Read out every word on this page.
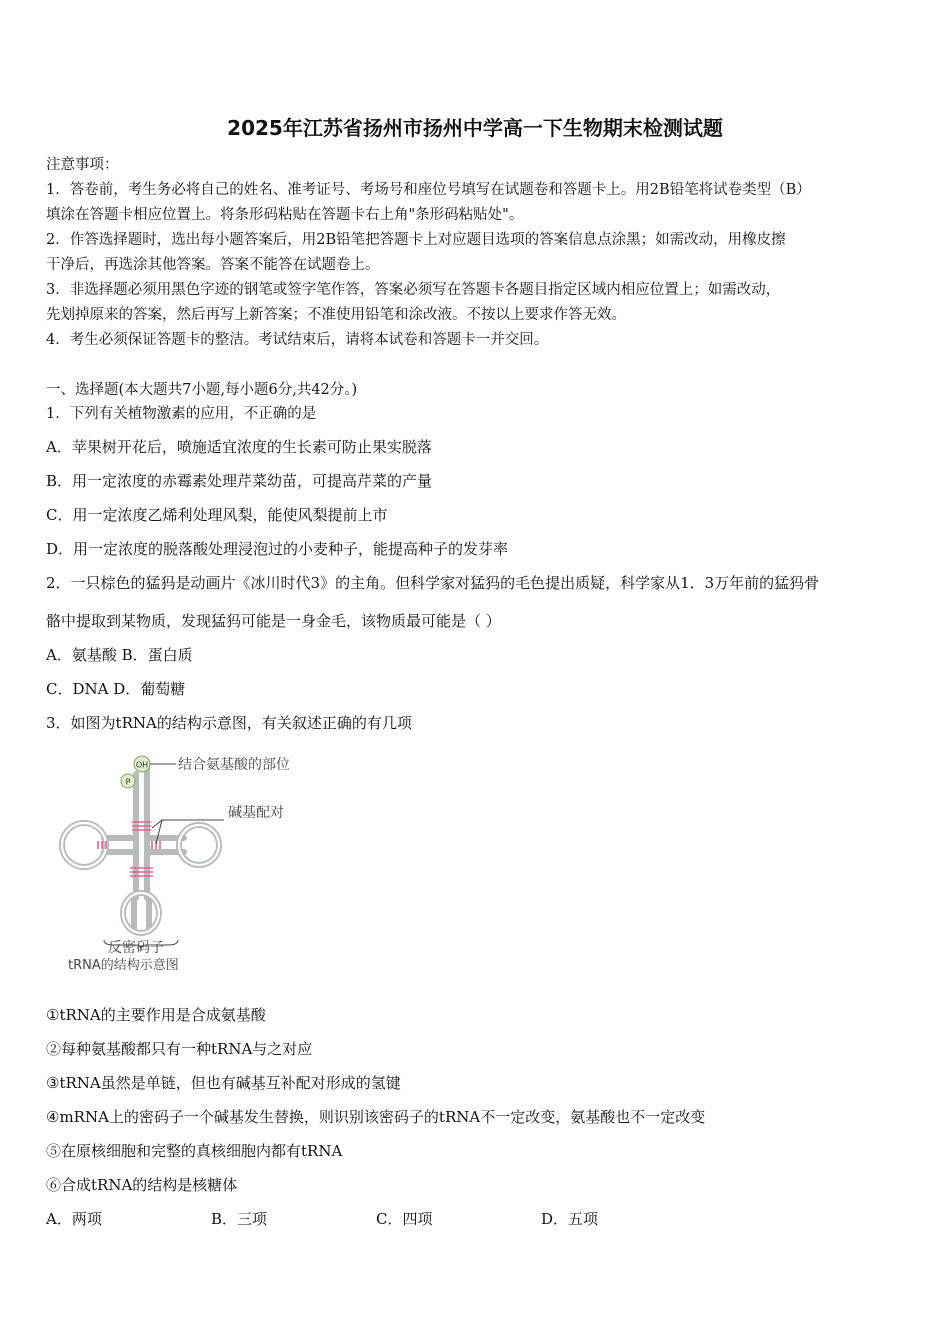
2025年江苏省扬州市扬州中学高一下生物期末检测试题
注意事项：
1．答卷前，考生务必将自己的姓名、准考证号、考场号和座位号填写在试题卷和答题卡上。用2B铅笔将试卷类型（B）
填涂在答题卡相应位置上。将条形码粘贴在答题卡右上角"条形码粘贴处"。
2．作答选择题时，选出每小题答案后，用2B铅笔把答题卡上对应题目选项的答案信息点涂黑；如需改动，用橡皮擦
干净后，再选涂其他答案。答案不能答在试题卷上。
3．非选择题必须用黑色字迹的钢笔或签字笔作答，答案必须写在答题卡各题目指定区域内相应位置上；如需改动，
先划掉原来的答案，然后再写上新答案；不准使用铅笔和涂改液。不按以上要求作答无效。
4．考生必须保证答题卡的整洁。考试结束后，请将本试卷和答题卡一并交回。
一、选择题(本大题共7小题,每小题6分,共42分。)
1．下列有关植物激素的应用，不正确的是
A．苹果树开花后，喷施适宜浓度的生长素可防止果实脱落
B．用一定浓度的赤霉素处理芹菜幼苗，可提高芹菜的产量
C．用一定浓度乙烯利处理风梨，能使风梨提前上市
D．用一定浓度的脱落酸处理浸泡过的小麦种子，能提高种子的发芽率
2．一只棕色的猛犸是动画片《冰川时代3》的主角。但科学家对猛犸的毛色提出质疑，科学家从1．3万年前的猛犸骨
骼中提取到某物质，发现猛犸可能是一身金毛，该物质最可能是（ ）
A．氨基酸 B．蛋白质
C．DNA D．葡萄糖
3．如图为tRNA的结构示意图，有关叙述正确的有几项
OH
P
结合氨基酸的部位
碱基配对
反密码子
tRNA的结构示意图
①tRNA的主要作用是合成氨基酸
②每种氨基酸都只有一种tRNA与之对应
③tRNA虽然是单链，但也有碱基互补配对形成的氢键
④mRNA上的密码子一个碱基发生替换，则识别该密码子的tRNA不一定改变，氨基酸也不一定改变
⑤在原核细胞和完整的真核细胞内都有tRNA
⑥合成tRNA的结构是核糖体
A．两项	B．三项	C．四项	D．五项
